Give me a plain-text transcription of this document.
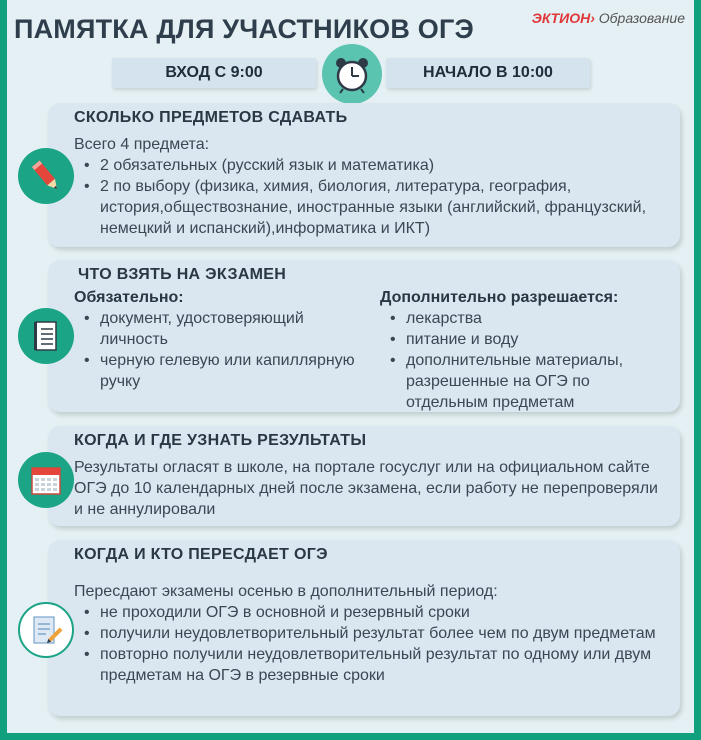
ПАМЯТКА ДЛЯ УЧАСТНИКОВ ОГЭ	ЭКТИОН› Образование
ВХОД С 9:00	НАЧАЛО В 10:00
СКОЛЬКО ПРЕДМЕТОВ СДАВАТЬ
Всего 4 предмета:
• 2 обязательных (русский язык и математика)
• 2 по выбору (физика, химия, биология, литература, география, история,обществознание, иностранные языки (английский, французский, немецкий и испанский),информатика и ИКТ)
ЧТО ВЗЯТЬ НА ЭКЗАМЕН
Обязательно:
• документ, удостоверяющий личность
• черную гелевую или капиллярную ручку
Дополнительно разрешается:
• лекарства
• питание и воду
• дополнительные материалы, разрешенные на ОГЭ по отдельным предметам
КОГДА И ГДЕ УЗНАТЬ РЕЗУЛЬТАТЫ
Результаты огласят в школе, на портале госуслуг или на официальном сайте ОГЭ до 10 календарных дней после экзамена, если работу не перепроверяли и не аннулировали
КОГДА И КТО ПЕРЕСДАЕТ ОГЭ
Пересдают экзамены осенью в дополнительный период:
• не проходили ОГЭ в основной и резервный сроки
• получили неудовлетворительный результат более чем по двум предметам
• повторно получили неудовлетворительный результат по одному или двум предметам на ОГЭ в резервные сроки
